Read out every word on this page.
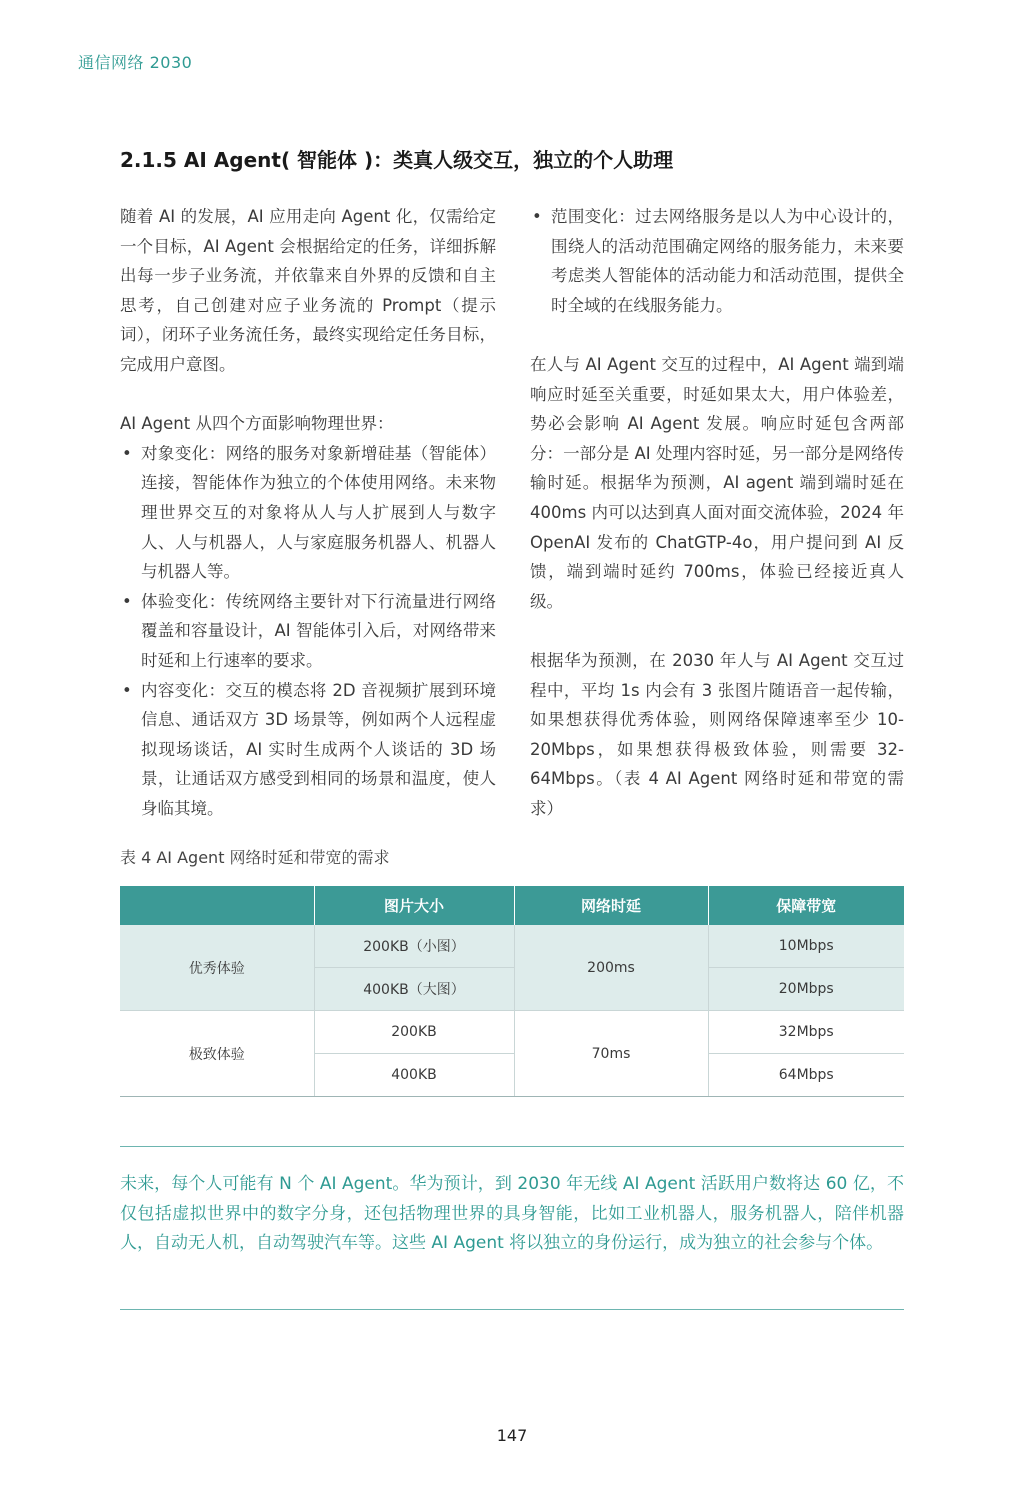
通信网络 2030
2.1.5 AI Agent( 智能体 )：类真人级交互，独立的个人助理

随着 AI 的发展，AI 应用走向 Agent 化，仅需给定一个目标，AI Agent 会根据给定的任务，详细拆解出每一步子业务流，并依靠来自外界的反馈和自主思考，自己创建对应子业务流的 Prompt（提示词），闭环子业务流任务，最终实现给定任务目标，完成用户意图。

AI Agent 从四个方面影响物理世界：

• 对象变化：网络的服务对象新增硅基（智能体）连接，智能体作为独立的个体使用网络。未来物理世界交互的对象将从人与人扩展到人与数字人、人与机器人，人与家庭服务机器人、机器人与机器人等。
• 体验变化：传统网络主要针对下行流量进行网络覆盖和容量设计，AI 智能体引入后，对网络带来时延和上行速率的要求。
• 内容变化：交互的模态将 2D 音视频扩展到环境信息、通话双方 3D 场景等，例如两个人远程虚拟现场谈话，AI 实时生成两个人谈话的 3D 场景，让通话双方感受到相同的场景和温度，使人身临其境。
• 范围变化：过去网络服务是以人为中心设计的，围绕人的活动范围确定网络的服务能力，未来要考虑类人智能体的活动能力和活动范围，提供全时全域的在线服务能力。

在人与 AI Agent 交互的过程中，AI Agent 端到端响应时延至关重要，时延如果太大，用户体验差，势必会影响 AI Agent 发展。响应时延包含两部分：一部分是 AI 处理内容时延，另一部分是网络传输时延。根据华为预测，AI agent 端到端时延在 400ms 内可以达到真人面对面交流体验，2024 年 OpenAI 发布的 ChatGTP-4o，用户提问到 AI 反馈，端到端时延约 700ms，体验已经接近真人级。

根据华为预测，在 2030 年人与 AI Agent 交互过程中，平均 1s 内会有 3 张图片随语音一起传输，如果想获得优秀体验，则网络保障速率至少 10-20Mbps，如果想获得极致体验，则需要 32-64Mbps。（表 4 AI Agent 网络时延和带宽的需求）

表 4 AI Agent 网络时延和带宽的需求
	图片大小	网络时延	保障带宽
优秀体验	200KB（小图）	200ms	10Mbps
	400KB（大图）		20Mbps
极致体验	200KB	70ms	32Mbps
	400KB		64Mbps

未来，每个人可能有 N 个 AI Agent。华为预计，到 2030 年无线 AI Agent 活跃用户数将达 60 亿，不仅包括虚拟世界中的数字分身，还包括物理世界的具身智能，比如工业机器人，服务机器人，陪伴机器人，自动无人机，自动驾驶汽车等。这些 AI Agent 将以独立的身份运行，成为独立的社会参与个体。

147
